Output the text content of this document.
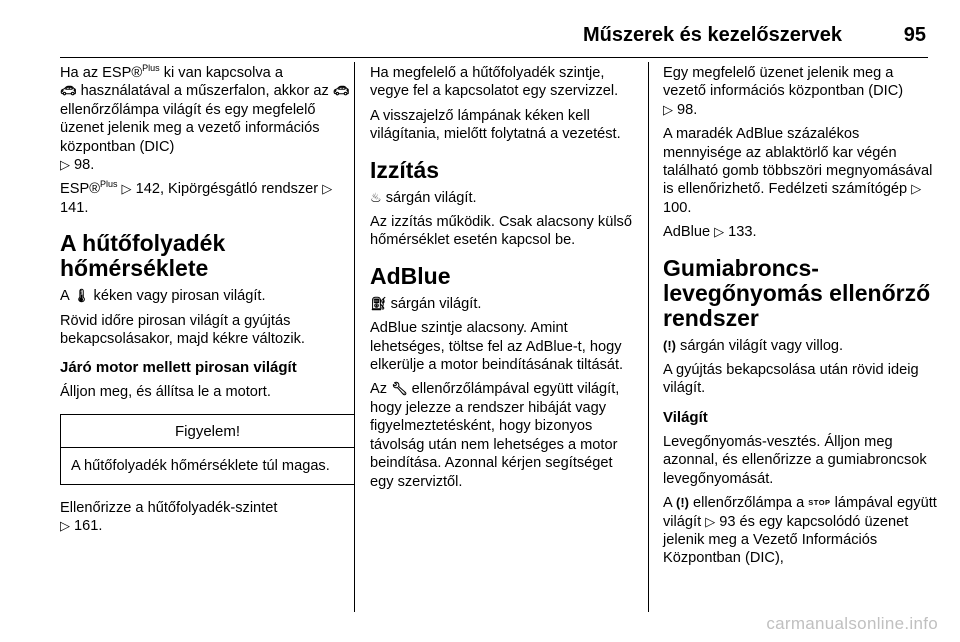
Műszerek és kezelőszervek	95

Ha az ESP®$^{Plus}$ ki van kapcsolva a
🚗︎ használatával a műszerfalon, akkor az 🚗︎ ellenőrzőlámpa világít és egy megfelelő üzenet jelenik meg a vezető információs központban (DIC)
▷ 98.

ESP®$^{Plus}$ ▷ 142, Kipörgésgátló rendszer ▷ 141.

A hűtőfolyadék
hőmérséklete

A 🌡︎ kéken vagy pirosan világít.

Rövid időre pirosan világít a gyújtás bekapcsolásakor, majd kékre változik.

Járó motor mellett pirosan világít

Álljon meg, és állítsa le a motort.

Figyelem!
A hűtőfolyadék hőmérséklete túl magas.

Ellenőrizze a hűtőfolyadék-szintet
▷ 161.

Ha megfelelő a hűtőfolyadék szintje, vegye fel a kapcsolatot egy szervizzel.

A visszajelző lámpának kéken kell világítania, mielőtt folytatná a vezetést.

Izzítás

♨︎ sárgán világít.

Az izzítás működik. Csak alacsony külső hőmérséklet esetén kapcsol be.

AdBlue

⛽︎ sárgán világít.

AdBlue szintje alacsony. Amint lehetséges, töltse fel az AdBlue-t, hogy elkerülje a motor beindításának tiltását.

Az 🔧︎ ellenőrzőlámpával együtt világít, hogy jelezze a rendszer hibáját vagy figyelmeztetésként, hogy bizonyos távolság után nem lehetséges a motor beindítása. Azonnal kérjen segítséget egy szerviztől.

Egy megfelelő üzenet jelenik meg a vezető információs központban (DIC)
▷ 98.

A maradék AdBlue százalékos mennyisége az ablaktörlő kar végén található gomb többszöri megnyomásával is ellenőrizhető. Fedélzeti számítógép ▷ 100.

AdBlue ▷ 133.

Gumiabroncs-
levegőnyomás ellenőrző
rendszer

(!) sárgán világít vagy villog.

A gyújtás bekapcsolása után rövid ideig világít.

Világít

Levegőnyomás-vesztés. Álljon meg azonnal, és ellenőrizze a gumiabroncsok levegőnyomását.

A (!) ellenőrzőlámpa a STOP lámpával együtt világít ▷ 93 és egy kapcsolódó üzenet jelenik meg a Vezető Információs Központban (DIC),

carmanualsonline.info
